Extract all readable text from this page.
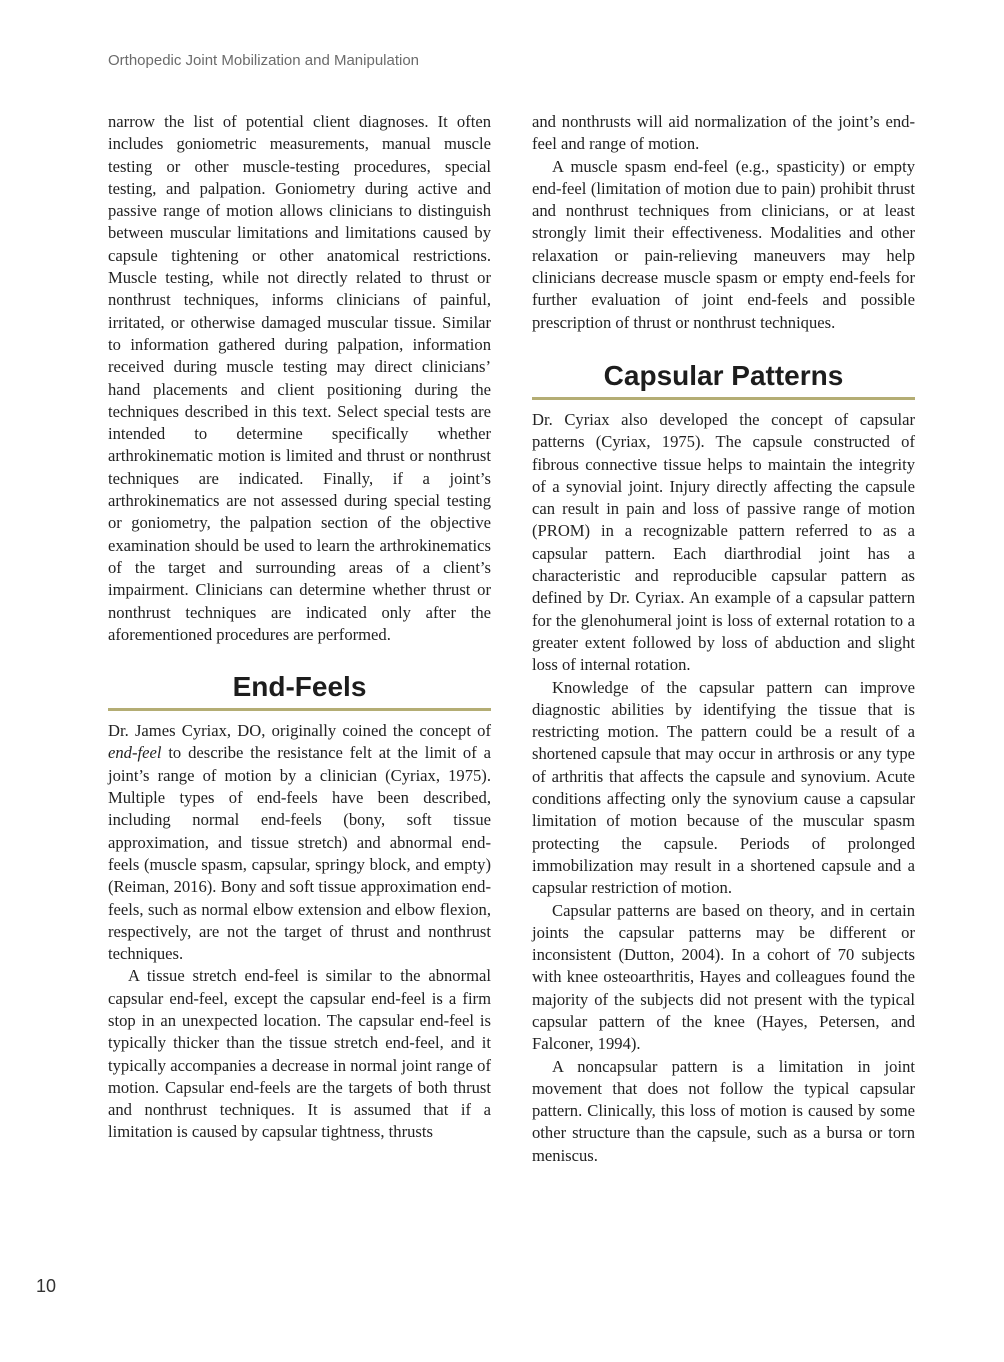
Orthopedic Joint Mobilization and Manipulation

narrow the list of potential client diagnoses. It often includes goniometric measurements, manual muscle testing or other muscle-testing procedures, special testing, and palpation. Goniometry during active and passive range of motion allows clinicians to distinguish between muscular limitations and limitations caused by capsule tightening or other anatomical restrictions. Muscle testing, while not directly related to thrust or nonthrust techniques, informs clinicians of painful, irritated, or otherwise damaged muscular tissue. Similar to information gathered during palpation, information received during muscle testing may direct clinicians’ hand placements and client positioning during the techniques described in this text. Select special tests are intended to determine specifically whether arthrokinematic motion is limited and thrust or nonthrust techniques are indicated. Finally, if a joint’s arthrokinematics are not assessed during special testing or goniometry, the palpation section of the objective examination should be used to learn the arthrokinematics of the target and surrounding areas of a client’s impairment. Clinicians can determine whether thrust or nonthrust techniques are indicated only after the aforementioned procedures are performed.

End-Feels

Dr. James Cyriax, DO, originally coined the concept of end-feel to describe the resistance felt at the limit of a joint’s range of motion by a clinician (Cyriax, 1975). Multiple types of end-feels have been described, including normal end-feels (bony, soft tissue approximation, and tissue stretch) and abnormal end-feels (muscle spasm, capsular, springy block, and empty) (Reiman, 2016). Bony and soft tissue approximation end-feels, such as normal elbow extension and elbow flexion, respectively, are not the target of thrust and nonthrust techniques.

A tissue stretch end-feel is similar to the abnormal capsular end-feel, except the capsular end-feel is a firm stop in an unexpected location. The capsular end-feel is typically thicker than the tissue stretch end-feel, and it typically accompanies a decrease in normal joint range of motion. Capsular end-feels are the targets of both thrust and nonthrust techniques. It is assumed that if a limitation is caused by capsular tightness, thrusts

and nonthrusts will aid normalization of the joint’s end-feel and range of motion.

A muscle spasm end-feel (e.g., spasticity) or empty end-feel (limitation of motion due to pain) prohibit thrust and nonthrust techniques from clinicians, or at least strongly limit their effectiveness. Modalities and other relaxation or pain-relieving maneuvers may help clinicians decrease muscle spasm or empty end-feels for further evaluation of joint end-feels and possible prescription of thrust or nonthrust techniques.

Capsular Patterns

Dr. Cyriax also developed the concept of capsular patterns (Cyriax, 1975). The capsule constructed of fibrous connective tissue helps to maintain the integrity of a synovial joint. Injury directly affecting the capsule can result in pain and loss of passive range of motion (PROM) in a recognizable pattern referred to as a capsular pattern. Each diarthrodial joint has a characteristic and reproducible capsular pattern as defined by Dr. Cyriax. An example of a capsular pattern for the glenohumeral joint is loss of external rotation to a greater extent followed by loss of abduction and slight loss of internal rotation.

Knowledge of the capsular pattern can improve diagnostic abilities by identifying the tissue that is restricting motion. The pattern could be a result of a shortened capsule that may occur in arthrosis or any type of arthritis that affects the capsule and synovium. Acute conditions affecting only the synovium cause a capsular limitation of motion because of the muscular spasm protecting the capsule. Periods of prolonged immobilization may result in a shortened capsule and a capsular restriction of motion.

Capsular patterns are based on theory, and in certain joints the capsular patterns may be different or inconsistent (Dutton, 2004). In a cohort of 70 subjects with knee osteoarthritis, Hayes and colleagues found the majority of the subjects did not present with the typical capsular pattern of the knee (Hayes, Petersen, and Falconer, 1994).

A noncapsular pattern is a limitation in joint movement that does not follow the typical capsular pattern. Clinically, this loss of motion is caused by some other structure than the capsule, such as a bursa or torn meniscus.

10
